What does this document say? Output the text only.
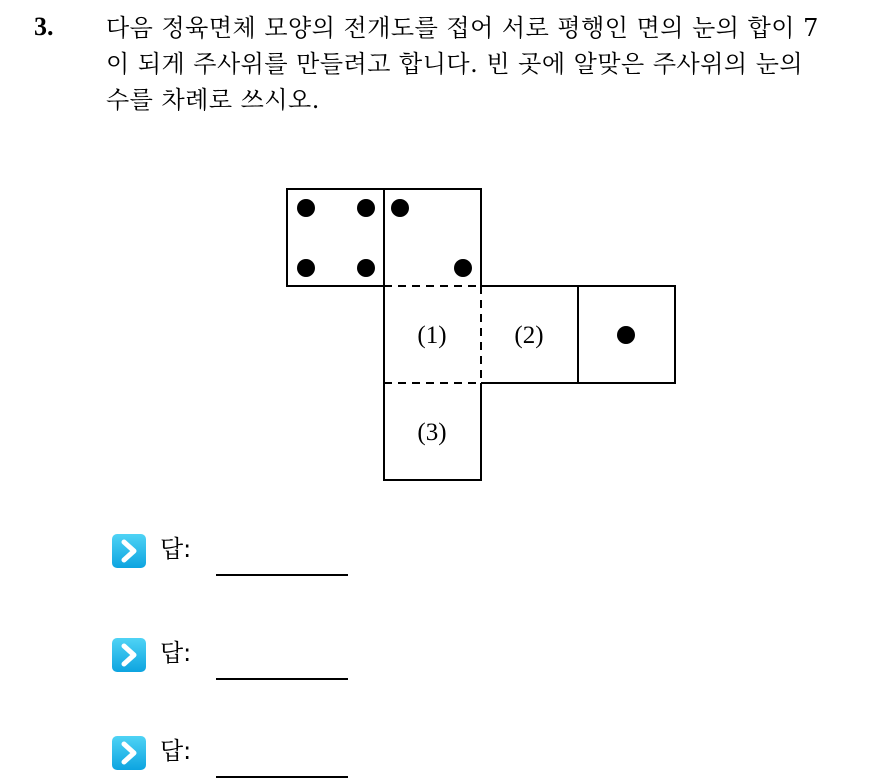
3. 다음 정육면체 모양의 전개도를 접어 서로 평행인 면의 눈의 합이 7
이 되게 주사위를 만들려고 합니다. 빈 곳에 알맞은 주사위의 눈의
수를 차례로 쓰시오.
(1)	(2)
(3)
답:
답:
답:
